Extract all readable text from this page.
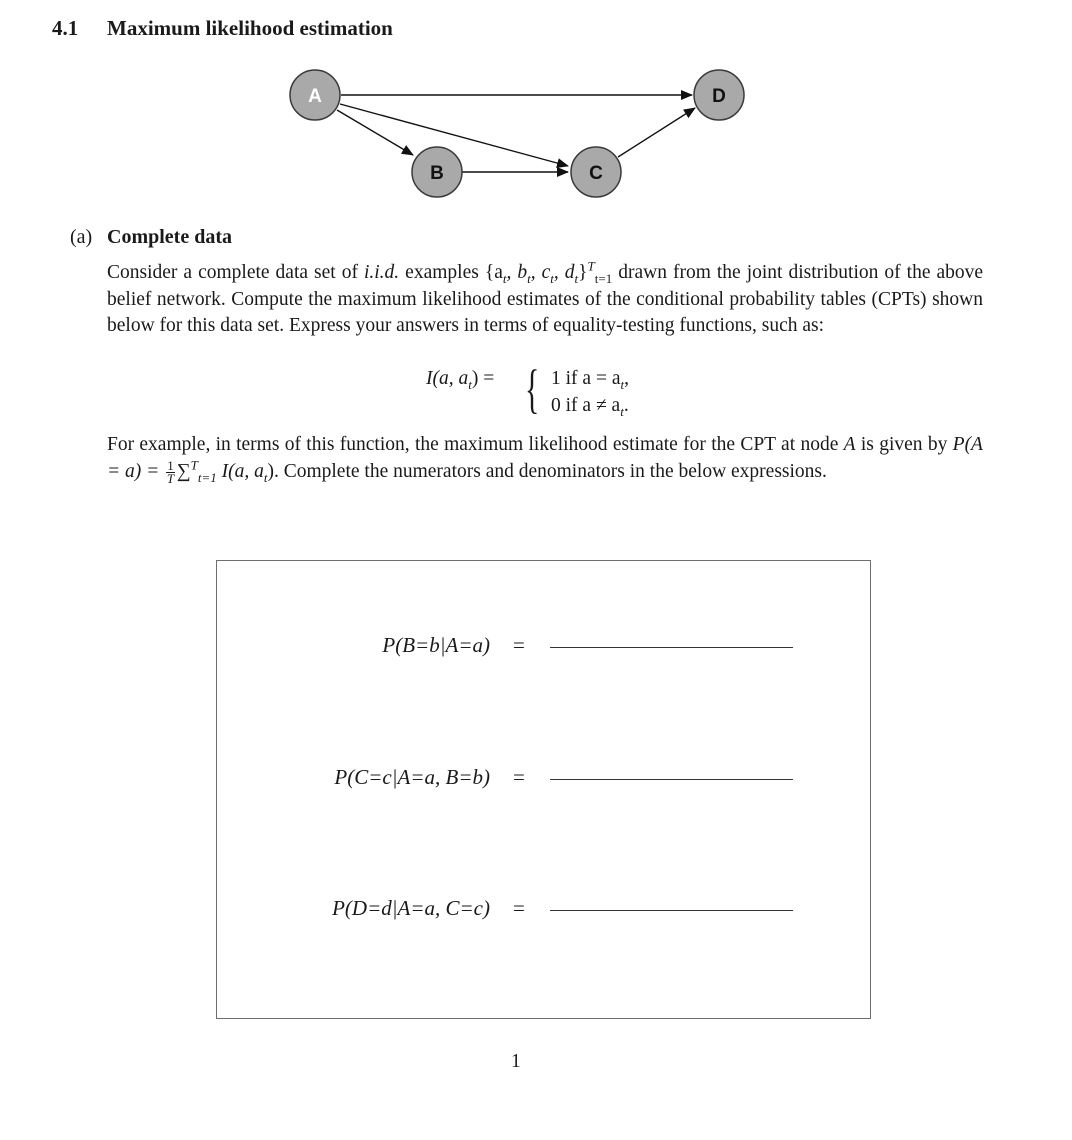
4.1 Maximum likelihood estimation
A
B	C
D
(a) Complete data
Consider a complete data set of i.i.d. examples {$a_t$, $b_t$, $c_t$, $d_t\}^T_{t=1}$ drawn from the joint distribution of the above belief network. Compute the maximum likelihood estimates of the conditional probability tables (CPTs) shown below for this data set. Express your answers in terms of equality-testing functions, such as:
I(a, $a_t$) = { 1 if $a = a_t$,
0 if $a \ne a_t$.
For example, in terms of this function, the maximum likelihood estimate for the CPT at node A is given by $P(A = a) = \frac{1}{T} \sum^T_{t=1}$ I(a, $a_t$). Complete the numerators and denominators in the below expressions.
P(B=b|A=a) =
P(C=c|A=a, B=b) =
P(D=d|A=a, C=c) =
1
